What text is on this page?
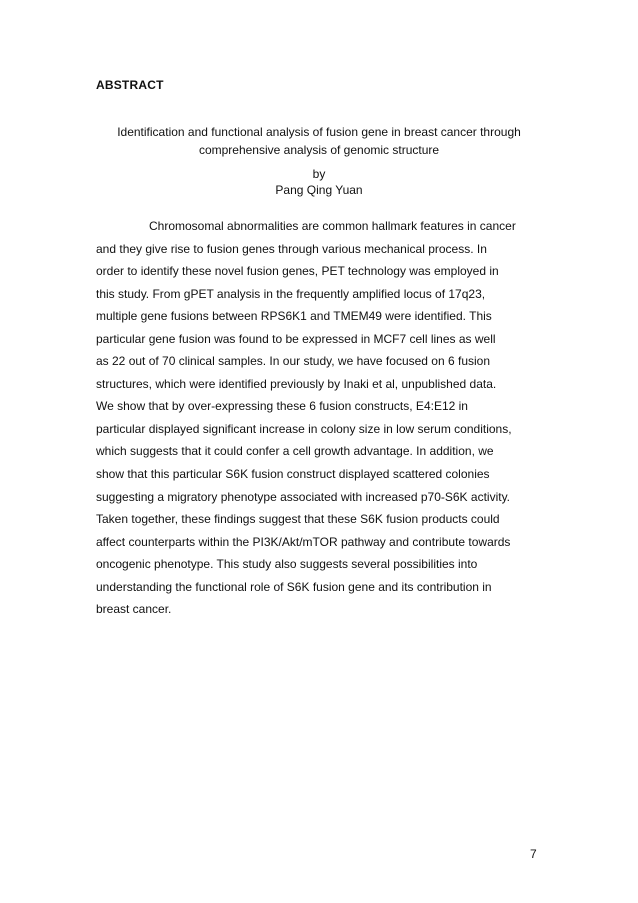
ABSTRACT
Identification and functional analysis of fusion gene in breast cancer through
comprehensive analysis of genomic structure
by
Pang Qing Yuan
Chromosomal abnormalities are common hallmark features in cancer
and they give rise to fusion genes through various mechanical process. In
order to identify these novel fusion genes, PET technology was employed in
this study. From gPET analysis in the frequently amplified locus of 17q23,
multiple gene fusions between RPS6K1 and TMEM49 were identified. This
particular gene fusion was found to be expressed in MCF7 cell lines as well
as 22 out of 70 clinical samples. In our study, we have focused on 6 fusion
structures, which were identified previously by Inaki et al, unpublished data.
We show that by over-expressing these 6 fusion constructs, E4:E12 in
particular displayed significant increase in colony size in low serum conditions,
which suggests that it could confer a cell growth advantage. In addition, we
show that this particular S6K fusion construct displayed scattered colonies
suggesting a migratory phenotype associated with increased p70-S6K activity.
Taken together, these findings suggest that these S6K fusion products could
affect counterparts within the PI3K/Akt/mTOR pathway and contribute towards
oncogenic phenotype. This study also suggests several possibilities into
understanding the functional role of S6K fusion gene and its contribution in
breast cancer.
7
